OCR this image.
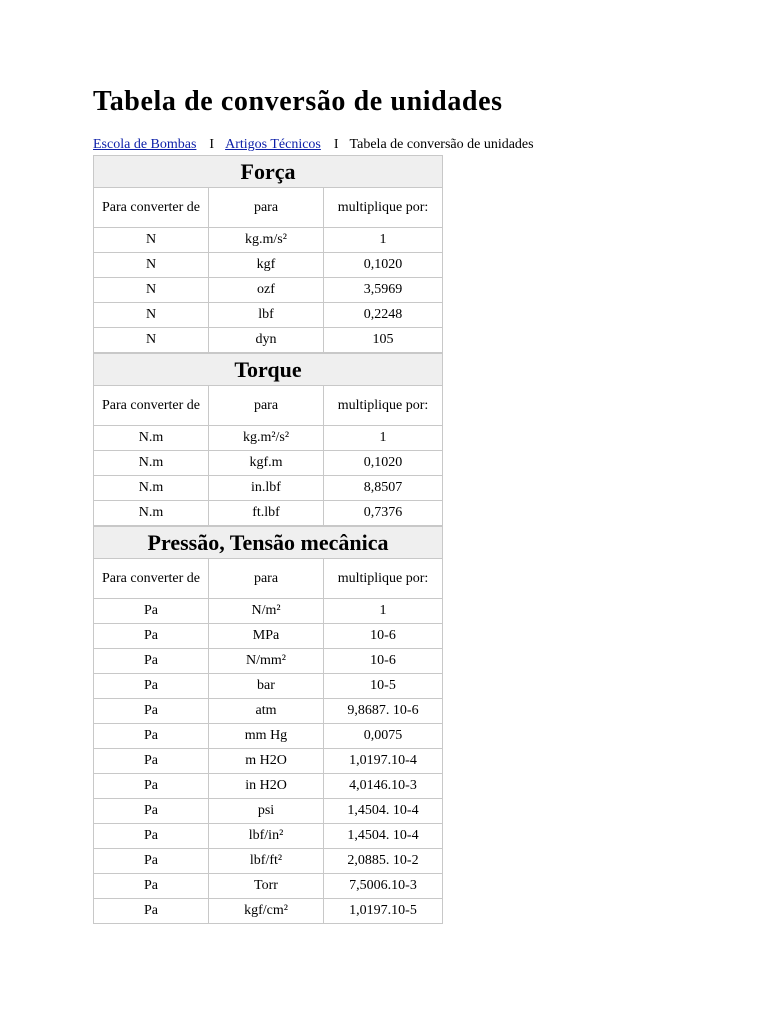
Tabela de conversão de unidades
Escola de Bombas I Artigos Técnicos I Tabela de conversão de unidades
Força		
Para converter de	para	multiplique por:
N	kg.m/s²	1
N	kgf	0,1020
N	ozf	3,5969
N	lbf	0,2248
N	dyn	105
Torque		
Para converter de	para	multiplique por:
N.m	kg.m²/s²	1
N.m	kgf.m	0,1020
N.m	in.lbf	8,8507
N.m	ft.lbf	0,7376
Pressão, Tensão mecânica		
Para converter de	para	multiplique por:
Pa	N/m²	1
Pa	MPa	10-6
Pa	N/mm²	10-6
Pa	bar	10-5
Pa	atm	9,8687. 10-6
Pa	mm Hg	0,0075
Pa	m H2O	1,0197.10-4
Pa	in H2O	4,0146.10-3
Pa	psi	1,4504. 10-4
Pa	lbf/in²	1,4504. 10-4
Pa	lbf/ft²	2,0885. 10-2
Pa	Torr	7,5006.10-3
Pa	kgf/cm²	1,0197.10-5
